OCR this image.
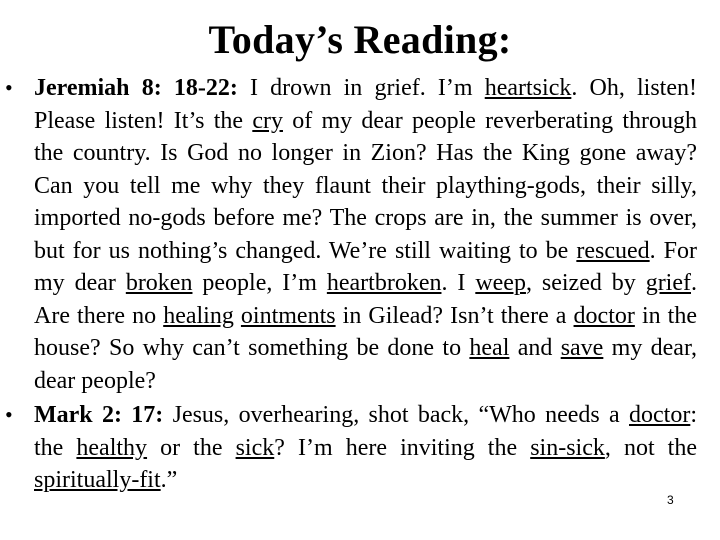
Today’s Reading:
• Jeremiah 8: 18-22: I drown in grief. I’m heartsick. Oh, listen! Please listen! It’s the cry of my dear people reverberating through the country. Is God no longer in Zion? Has the King gone away? Can you tell me why they flaunt their plaything-gods, their silly, imported no-gods before me? The crops are in, the summer is over, but for us nothing’s changed. We’re still waiting to be rescued. For my dear broken people, I’m heartbroken. I weep, seized by grief. Are there no healing ointments in Gilead? Isn’t there a doctor in the house? So why can’t something be done to heal and save my dear, dear people?
• Mark 2: 17: Jesus, overhearing, shot back, “Who needs a doctor: the healthy or the sick? I’m here inviting the sin-sick, not the spiritually-fit.”
3
